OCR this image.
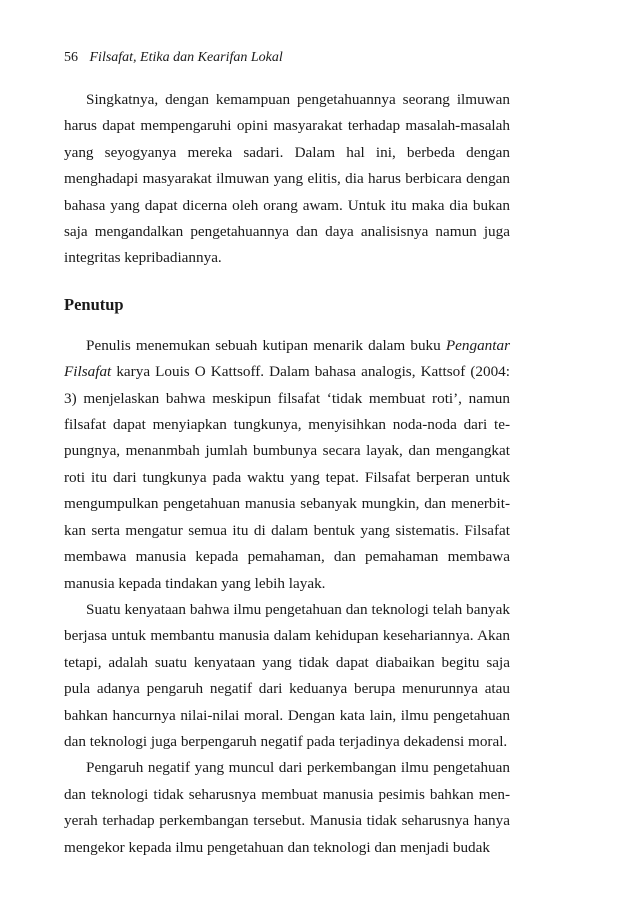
56 Filsafat, Etika dan Kearifan Lokal

Singkatnya, dengan kemampuan pengetahuannya seorang ilmuwan harus dapat mempengaruhi opini masyarakat terhadap masalah-masalah yang seyogyanya mereka sadari. Dalam hal ini, berbeda dengan menghadapi masyarakat ilmuwan yang elitis, dia harus berbicara dengan bahasa yang dapat dicerna oleh orang awam. Untuk itu maka dia bukan saja mengandalkan pengetahuannya dan daya analisisnya namun juga integritas kepribadiannya.

Penutup

Penulis menemukan sebuah kutipan menarik dalam buku Pengantar Filsafat karya Louis O Kattsoff. Dalam bahasa analogis, Kattsof (2004: 3) menjelaskan bahwa meskipun filsafat ‘tidak membuat roti’, namun filsafat dapat menyiapkan tungkunya, menyisihkan noda-noda dari tepungnya, menanmbah jumlah bumbunya secara layak, dan mengangkat roti itu dari tungkunya pada waktu yang tepat. Filsafat berperan untuk mengumpulkan pengetahuan manusia sebanyak mungkin, dan menerbitkan serta mengatur semua itu di dalam bentuk yang sistematis. Filsafat membawa manusia kepada pemahaman, dan pemahaman membawa manusia kepada tindakan yang lebih layak.

Suatu kenyataan bahwa ilmu pengetahuan dan teknologi telah banyak berjasa untuk membantu manusia dalam kehidupan kesehariannya. Akan tetapi, adalah suatu kenyataan yang tidak dapat diabaikan begitu saja pula adanya pengaruh negatif dari keduanya berupa menurunnya atau bahkan hancurnya nilai-nilai moral. Dengan kata lain, ilmu pengetahuan dan teknologi juga berpengaruh negatif pada terjadinya dekadensi moral.

Pengaruh negatif yang muncul dari perkembangan ilmu pengetahuan dan teknologi tidak seharusnya membuat manusia pesimis bahkan menyerah terhadap perkembangan tersebut. Manusia tidak seharusnya hanya mengekor kepada ilmu pengetahuan dan teknologi dan menjadi budak
